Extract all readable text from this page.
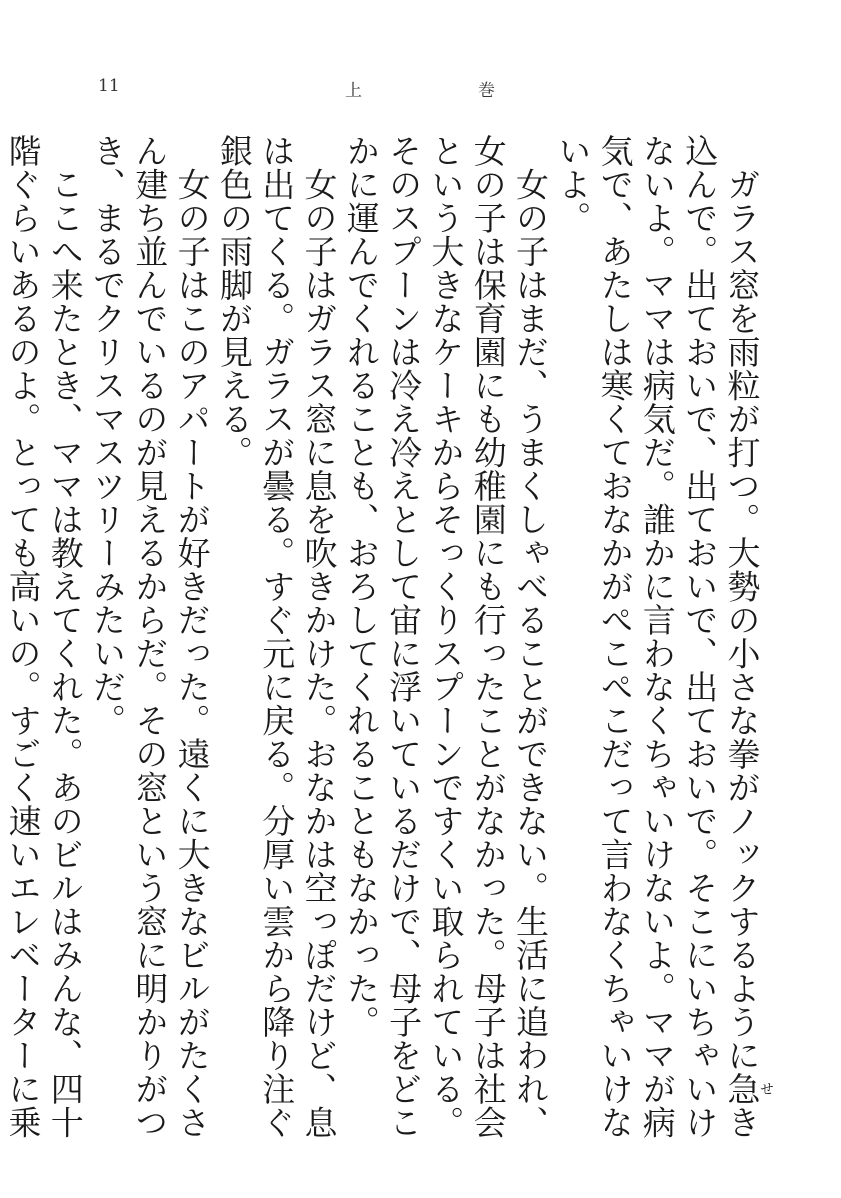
11	上	巻

　ガラス窓を雨粒が打つ。大勢の小さな拳がノックするように急せき込んで。出ておいで、出ておいで、出ておいで。そこにいちゃいけないよ。ママは病気だ。誰かに言わなくちゃいけないよ。ママが病気で、あたしは寒くておなかがぺこぺこだって言わなくちゃいけないよ。

　女の子はまだ、うまくしゃべることができない。生活に追われ、女の子は保育園にも幼稚園にも行ったことがなかった。母子は社会という大きなケーキからそっくりスプーンですくい取られている。そのスプーンは冷え冷えとして宙に浮いているだけで、母子をどこかに運んでくれることも、おろしてくれることもなかった。

　女の子はガラス窓に息を吹きかけた。おなかは空っぽだけど、息は出てくる。ガラスが曇る。すぐ元に戻る。分厚い雲から降り注ぐ銀色の雨脚が見える。

　女の子はこのアパートが好きだった。遠くに大きなビルがたくさん建ち並んでいるのが見えるからだ。その窓という窓に明かりがつき、まるでクリスマスツリーみたいだ。

　ここへ来たとき、ママは教えてくれた。あのビルはみんな、四十階ぐらいあるのよ。とっても高いの。すごく速いエレベーターに乗
